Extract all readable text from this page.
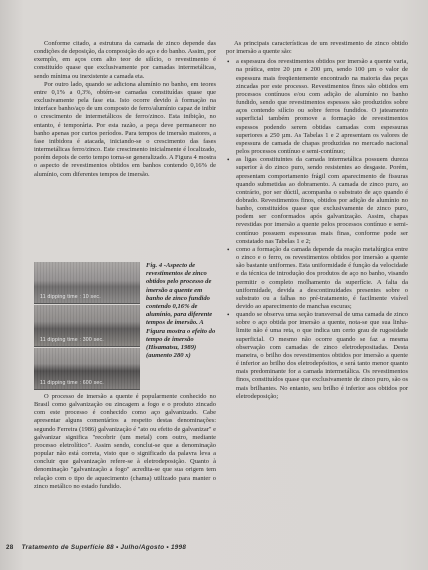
Conforme citado, a estrutura da camada de zinco depende das condições de deposição, da composição do aço e do banho. Assim, por exemplo, em aços com alto teor de silício, o revestimento é constituído quase que exclusivamente por camadas intermetálicas, sendo mínima ou inexistente a camada eta.

Por outro lado, quando se adiciona alumínio no banho, em teores entre 0,1% a 0,3%, obtém-se camadas constituídas quase que exclusivamente pela fase eta. Isto ocorre devido à formação na interface banho/aço de um composto de ferro/alumínio capaz de inibir o crescimento de intermetálicos de ferro/zinco. Esta inibição, no entanto, é temporária. Por esta razão, a peça deve permanecer no banho apenas por curtos períodos. Para tempos de imersão maiores, a fase inibidora é atacada, iniciando-se o crescimento das fases intermetálicas ferro/zinco. Este crescimento inicialmente é localizado, porém depois de certo tempo torna-se generalizado. A Figura 4 mostra o aspecto de revestimentos obtidos em banhos contendo 0,16% de alumínio, com diferentes tempos de imersão.

11 dipping time : 10 sec.
11 dipping time : 300 sec.
11 dipping time : 600 sec.
Fig. 4 -Aspecto de revestimentos de zinco obtidos pelo processo de imersão a quente em banho de zinco fundido contendo 0,16% de alumínio, para diferente tempos de imersão. A Figura mostra o efeito do tempo de imersão (Hisamatsu, 1989) (aumento 280 x)

O processo de imersão a quente é popularmente conhecido no Brasil como galvanização ou zincagem a fogo e o produto zincado com este processo é conhecido como aço galvanizado. Cabe apresentar alguns comentários a respeito destas denominações: segundo Ferreira (1986) galvanização é "ato ou efeito de galvanizar" e galvanizar significa "recobrir (um metal) com outro, mediante processo eletrolítico". Assim sendo, conclui-se que a denominação popular não está correta, visto que o significado da palavra leva a concluir que galvanização refere-se à eletrodeposição. Quanto à denominação "galvanização a fogo" acredita-se que sua origem tem relação com o tipo de aquecimento (chama) utilizado para manter o zinco metálico no estado fundido.

As principais características de um revestimento de zinco obtido por imersão a quente são:

• a espessura dos revestimentos obtidos por imersão a quente varia, na prática, entre 20 µm e 200 µm, sendo 100 µm o valor de espessura mais freqüentemente encontrado na maioria das peças zincadas por este processo. Revestimentos finos são obtidos em processos contínuos e/ou com adição de alumínio no banho fundido, sendo que revestimentos espessos são produzidos sobre aços contendo silício ou sobre ferros fundidos. O jateamento superficial também promove a formação de revestimentos espessos podendo serem obtidas camadas com espessuras superiores a 250 µm. As Tabelas 1 e 2 apresentam os valores de espessura de camada de chapas produzidas no mercado nacional pelos processos contínuo e semi-contínuo;
• as ligas constituintes da camada intermetálica possuem dureza superior à do zinco puro, sendo resistentes ao desgaste. Porém, apresentam comportamento frágil com aparecimento de fissuras quando submetidas ao dobramento. A camada de zinco puro, ao contrário, por ser dúctil, acompanha o substrato de aço quando é dobrado. Revestimentos finos, obtidos por adição de alumínio no banho, constituídos quase que exclusivamente de zinco puro, podem ser conformados após galvanização. Assim, chapas revestidas por imersão a quente pelos processos contínuo e semi-contínuo possuem espessuras mais finas, conforme pode ser constatado nas Tabelas 1 e 2;
• como a formação da camada depende da reação metalúrgica entre o zinco e o ferro, os revestimentos obtidos por imersão a quente são bastante uniformes. Esta uniformidade é função da velocidade e da técnica de introdução dos produtos de aço no banho, visando permitir o completo molhamento da superfície. A falta da uniformidade, devida a descontinuidades presentes sobre o substrato ou a falhas no pré-tratamento, é facilmente visível devido ao aparecimento de manchas escuras;
• quando se observa uma seção transversal de uma camada de zinco sobre o aço obtida por imersão a quente, nota-se que sua linha-limite não é uma reta, o que indica um certo grau de rugosidade superficial. O mesmo não ocorre quando se faz a mesma observação com camadas de zinco eletrodepositadas. Desta maneira, o brilho dos revestimentos obtidos por imersão a quente é inferior ao brilho dos eletrodepósitos, e será tanto menor quanto mais predominante for a camada intermetálica. Os revestimentos finos, constituídos quase que exclusivamente de zinco puro, são os mais brilhantes. No entanto, seu brilho é inferior aos obtidos por eletrodeposição;
28 Tratamento de Superfície 88 • Julho/Agosto • 1998
